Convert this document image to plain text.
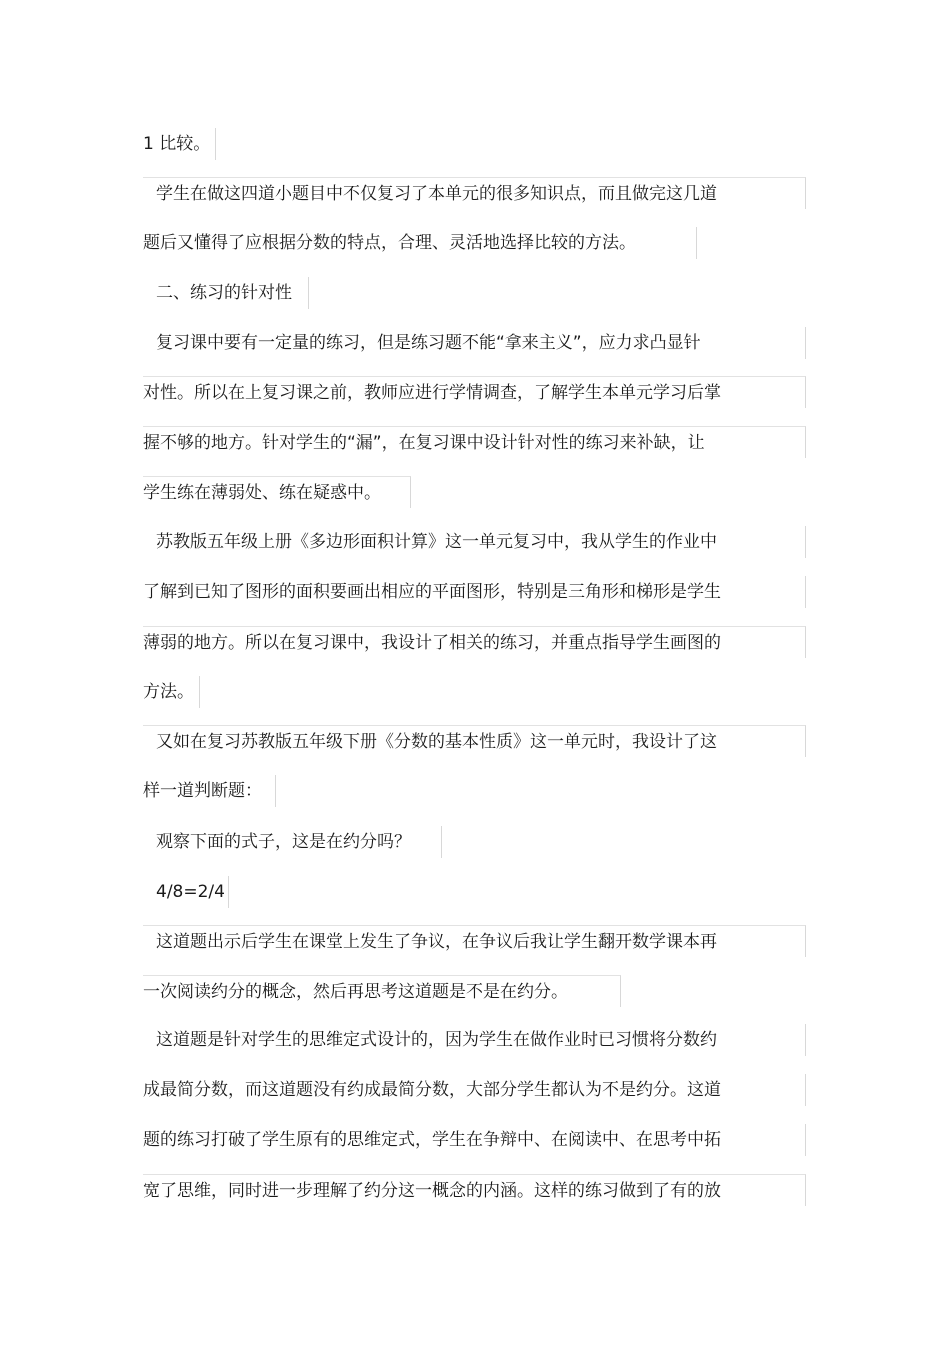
1 比较。
学生在做这四道小题目中不仅复习了本单元的很多知识点，而且做完这几道
题后又懂得了应根据分数的特点，合理、灵活地选择比较的方法。
二、练习的针对性
复习课中要有一定量的练习，但是练习题不能“拿来主义”，应力求凸显针
对性。所以在上复习课之前，教师应进行学情调查，了解学生本单元学习后掌
握不够的地方。针对学生的“漏”，在复习课中设计针对性的练习来补缺，让
学生练在薄弱处、练在疑惑中。
苏教版五年级上册《多边形面积计算》这一单元复习中，我从学生的作业中
了解到已知了图形的面积要画出相应的平面图形，特别是三角形和梯形是学生
薄弱的地方。所以在复习课中，我设计了相关的练习，并重点指导学生画图的
方法。
又如在复习苏教版五年级下册《分数的基本性质》这一单元时，我设计了这
样一道判断题：
观察下面的式子，这是在约分吗？
4/8=2/4
这道题出示后学生在课堂上发生了争议，在争议后我让学生翻开数学课本再
一次阅读约分的概念，然后再思考这道题是不是在约分。
这道题是针对学生的思维定式设计的，因为学生在做作业时已习惯将分数约
成最简分数，而这道题没有约成最简分数，大部分学生都认为不是约分。这道
题的练习打破了学生原有的思维定式，学生在争辩中、在阅读中、在思考中拓
宽了思维，同时进一步理解了约分这一概念的内涵。这样的练习做到了有的放
